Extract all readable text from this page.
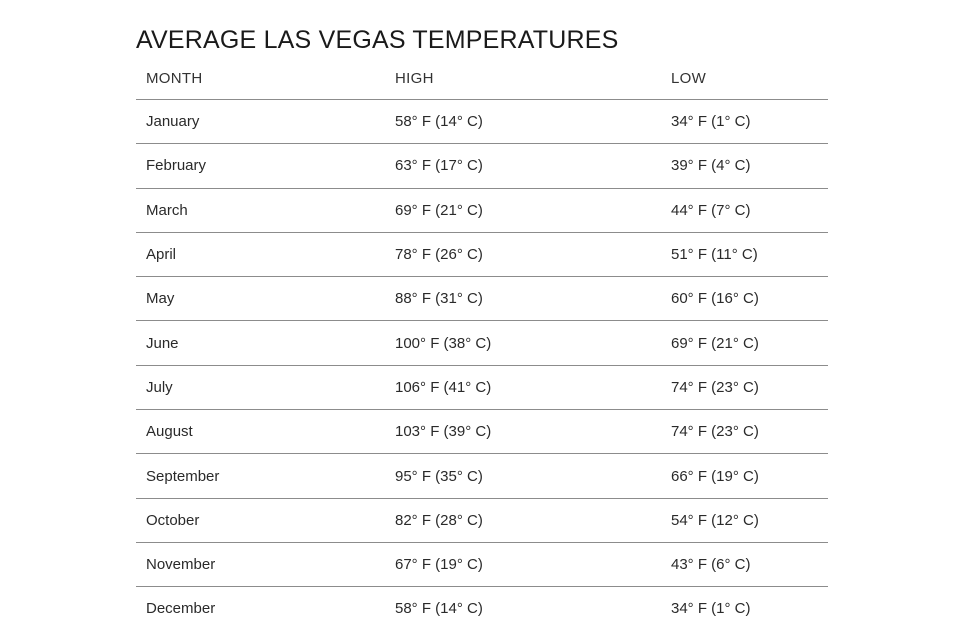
AVERAGE LAS VEGAS TEMPERATURES
MONTH	HIGH	LOW
January	58° F (14° C)	34° F (1° C)
February	63° F (17° C)	39° F (4° C)
March	69° F (21° C)	44° F (7° C)
April	78° F (26° C)	51° F (11° C)
May	88° F (31° C)	60° F (16° C)
June	100° F (38° C)	69° F (21° C)
July	106° F (41° C)	74° F (23° C)
August	103° F (39° C)	74° F (23° C)
September	95° F (35° C)	66° F (19° C)
October	82° F (28° C)	54° F (12° C)
November	67° F (19° C)	43° F (6° C)
December	58° F (14° C)	34° F (1° C)
